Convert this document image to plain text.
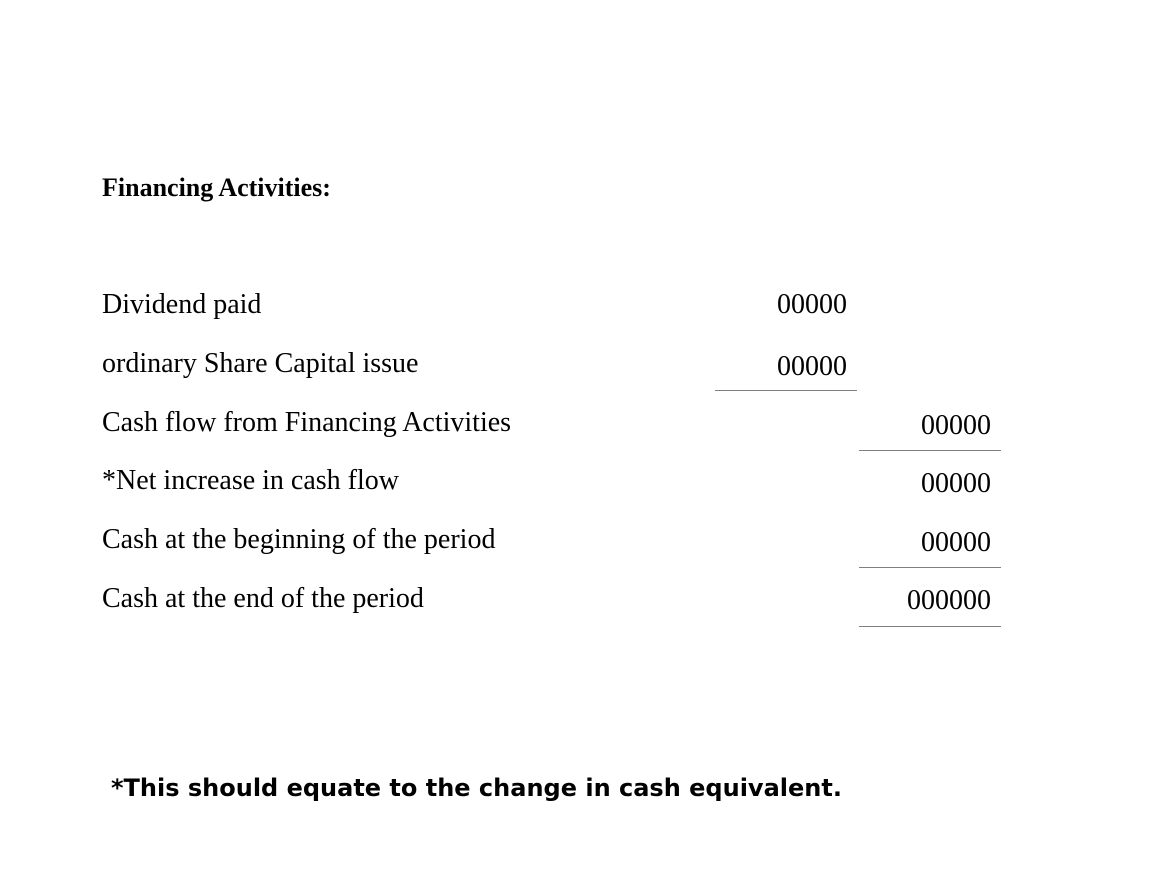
Financing Activities:
Dividend paid	00000
ordinary Share Capital issue	00000
Cash flow from Financing Activities	00000
*Net increase in cash flow	00000
Cash at the beginning of the period	00000
Cash at the end of the period	000000
*This should equate to the change in cash equivalent.
